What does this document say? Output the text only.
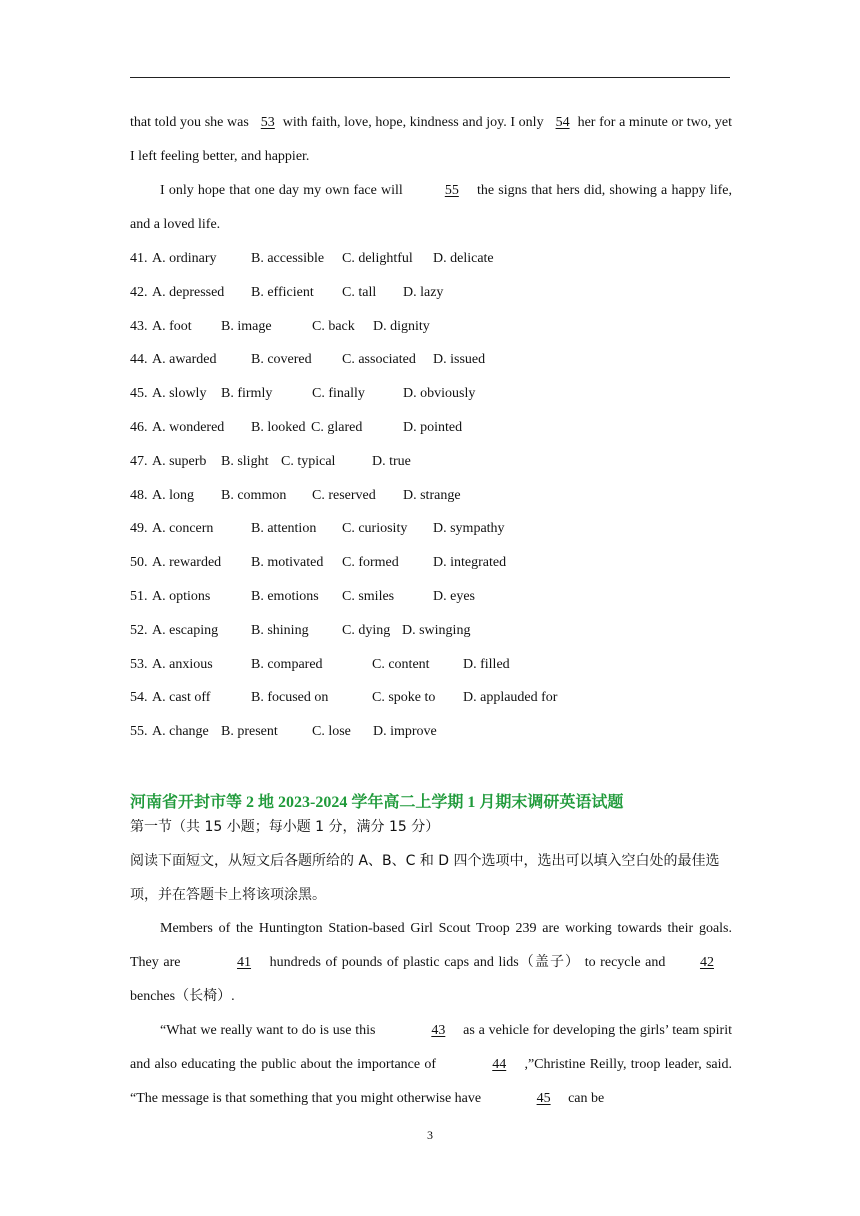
that told you she was 53 with faith, love, hope, kindness and joy. I only 54 her for a minute or two, yet I left feeling better, and happier.

I only hope that one day my own face will	55 the signs that hers did, showing a happy life, and a loved life.

41. A. ordinary B. accessible C. delightful D. delicate
42. A. depressed B. efficient C. tall D. lazy
43. A. foot B. image	C. back D. dignity
44. A. awarded B. covered C. associated D. issued
45. A. slowly B. firmly	C. finally	D. obviously
46. A. wondered B. looked C. glared	D. pointed
47. A. superb B. slight C. typical	D. true
48. A. long B. common C. reserved D. strange
49. A. concern	B. attention C. curiosity D. sympathy
50. A. rewarded B. motivated C. formed D. integrated
51. A. options	B. emotions C. smiles	D. eyes
52. A. escaping B. shining C. dying D. swinging
53. A. anxious	B. compared	C. content D. filled
54. A. cast off	B. focused on	C. spoke to D. applauded for
55. A. change B. present C. lose D. improve
河南省开封市等 2 地 2023-2024 学年高二上学期 1 月期末调研英语试题

第一节（共 15 小题；每小题 1 分，满分 15 分）

阅读下面短文，从短文后各题所给的 A、B、C 和 D 四个选项中，选出可以填入空白处的最佳选项，并在答题卡上将该项涂黑。

Members of the Huntington Station-based Girl Scout Troop 239 are working towards their goals. They are	41 hundreds of pounds of plastic caps and lids（盖子） to recycle and 42benches（长椅）.

“What we really want to do is use this	43 as a vehicle for developing the girls’ team spirit and also educating the public about the importance of	44 ,”Christine Reilly, troop leader, said. “The message is that something that you might otherwise have	45 can be

3
